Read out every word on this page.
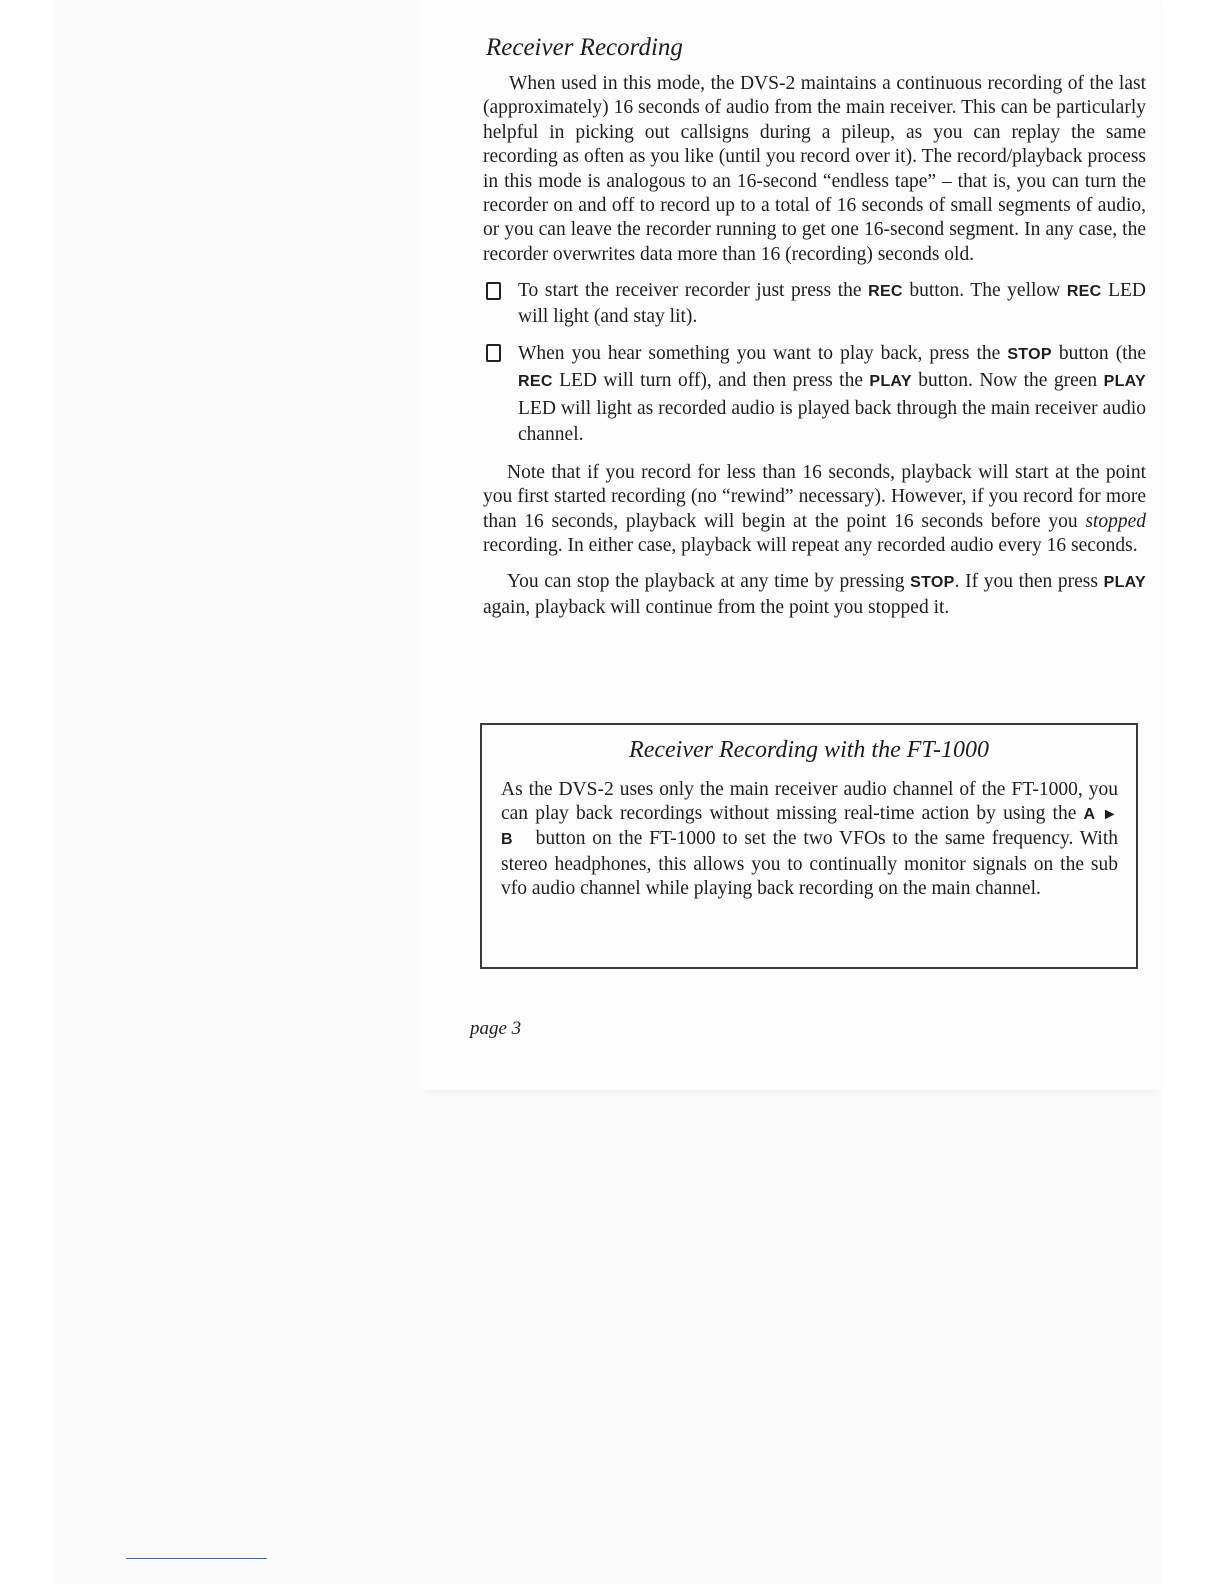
Receiver Recording

When used in this mode, the DVS-2 maintains a continuous recording of the last (approximately) 16 seconds of audio from the main receiver. This can be particularly helpful in picking out callsigns during a pileup, as you can replay the same recording as often as you like (until you record over it). The record/playback process in this mode is analogous to an 16-second “endless tape” – that is, you can turn the recorder on and off to record up to a total of 16 seconds of small segments of audio, or you can leave the recorder running to get one 16-second segment. In any case, the recorder overwrites data more than 16 (recording) seconds old.

To start the receiver recorder just press the REC button. The yellow REC LED will light (and stay lit).

When you hear something you want to play back, press the STOP button (the REC LED will turn off), and then press the PLAY button. Now the green PLAY LED will light as recorded audio is played back through the main receiver audio channel.

Note that if you record for less than 16 seconds, playback will start at the point you first started recording (no “rewind” necessary). However, if you record for more than 16 seconds, playback will begin at the point 16 seconds before you stopped recording. In either case, playback will repeat any recorded audio every 16 seconds.

You can stop the playback at any time by pressing STOP. If you then press PLAY again, playback will continue from the point you stopped it.

Receiver Recording with the FT-1000

As the DVS-2 uses only the main receiver audio channel of the FT-1000, you can play back recordings without missing real-time action by using the A ► B button on the FT-1000 to set the two VFOs to the same frequency. With stereo headphones, this allows you to continually monitor signals on the sub vfo audio channel while playing back recording on the main channel.

page 3
